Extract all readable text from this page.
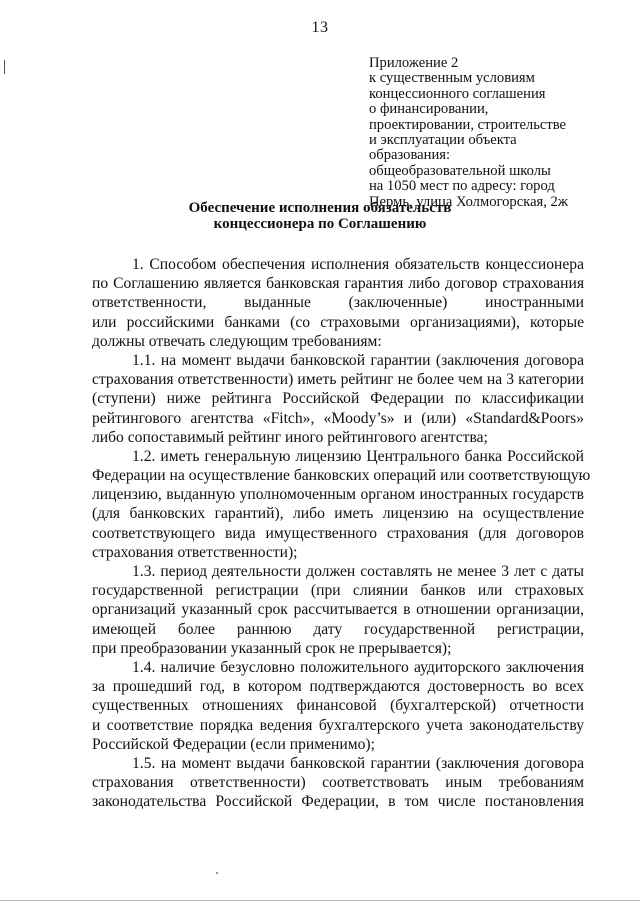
13
Приложение 2
к существенным условиям
концессионного соглашения
о финансировании,
проектировании, строительстве
и эксплуатации объекта
образования:
общеобразовательной школы
на 1050 мест по адресу: город
Пермь, улица Холмогорская, 2ж
Обеспечение исполнения обязательств
концессионера по Соглашению
1. Способом обеспечения исполнения обязательств концессионера
по Соглашению является банковская гарантия либо договор страхования
ответственности, выданные (заключенные) иностранными
или российскими банками (со страховыми организациями), которые
должны отвечать следующим требованиям:
1.1. на момент выдачи банковской гарантии (заключения договора
страхования ответственности) иметь рейтинг не более чем на 3 категории
(ступени) ниже рейтинга Российской Федерации по классификации
рейтингового агентства «Fitch», «Moody’s» и (или) «Standard&Poors»
либо сопоставимый рейтинг иного рейтингового агентства;
1.2. иметь генеральную лицензию Центрального банка Российской
Федерации на осуществление банковских операций или соответствующую
лицензию, выданную уполномоченным органом иностранных государств
(для банковских гарантий), либо иметь лицензию на осуществление
соответствующего вида имущественного страхования (для договоров
страхования ответственности);
1.3. период деятельности должен составлять не менее 3 лет с даты
государственной регистрации (при слиянии банков или страховых
организаций указанный срок рассчитывается в отношении организации,
имеющей более раннюю дату государственной регистрации,
при преобразовании указанный срок не прерывается);
1.4. наличие безусловно положительного аудиторского заключения
за прошедший год, в котором подтверждаются достоверность во всех
существенных отношениях финансовой (бухгалтерской) отчетности
и соответствие порядка ведения бухгалтерского учета законодательству
Российской Федерации (если применимо);
1.5. на момент выдачи банковской гарантии (заключения договора
страхования ответственности) соответствовать иным требованиям
законодательства Российской Федерации, в том числе постановления
